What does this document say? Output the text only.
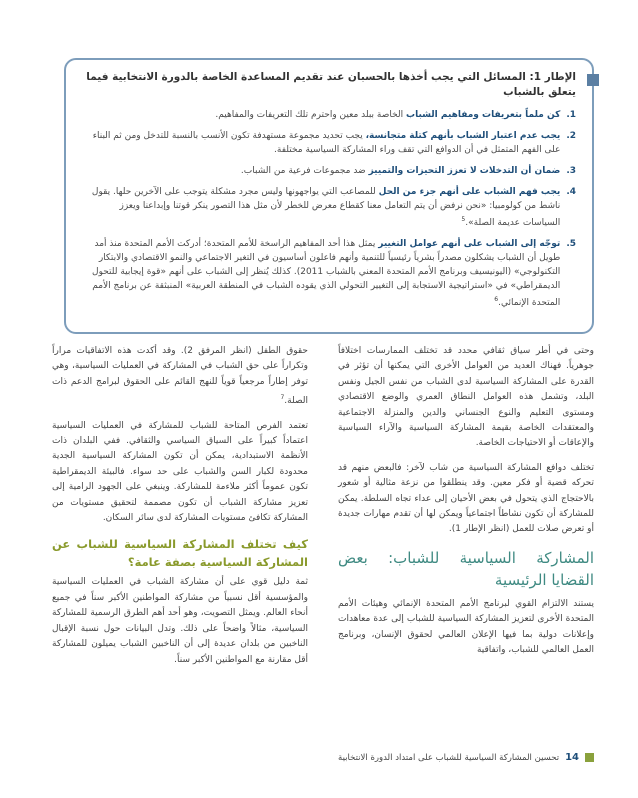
الإطار 1: المسائل التي يجب أخذها بالحسبان عند تقديم المساعدة الخاصة بالدورة الانتخابية فيما يتعلق بالشباب

1.
كن ملماً بتعريفات ومفاهيم الشباب الخاصة ببلد معين واحترم تلك التعريفات والمفاهيم.
2.
يجب عدم اعتبار الشباب بأنهم كتلة متجانسة، يجب تحديد مجموعة مستهدفة تكون الأنسب بالنسبة للتدخل ومن ثم البناء على الفهم المتمثل في أن الدوافع التي تقف وراء المشاركة السياسية مختلفة.
3.
ضمان أن التدخلات لا تعزز التحيزات والتمييز ضد مجموعات فرعية من الشباب.
4.
يجب فهم الشباب على أنهم جزء من الحل للمصاعب التي يواجهونها وليس مجرد مشكلة يتوجب على الآخرين حلها. يقول ناشط من كولومبيا: «نحن نرفض أن يتم التعامل معنا كقطاع معرض للخطر لأن مثل هذا التصور ينكر قوتنا وإبداعنا ويعزز السياسات عديمة الصلة».$^5$
5.
توجّه إلى الشباب على أنهم عوامل التغيير يمثل هذا أحد المفاهيم الراسخة للأمم المتحدة؛ أدركت الأمم المتحدة منذ أمد طويل أن الشباب يشكلون مصدراً بشرياً رئيسياً للتنمية وأنهم فاعلون أساسيون في التغير الاجتماعي والنمو الاقتصادي والابتكار التكنولوجي» (اليونيسيف وبرنامج الأمم المتحدة المعني بالشباب 2011). كذلك يُنظر إلى الشباب على أنهم «قوة إيجابية للتحول الديمقراطي» في «استراتيجية الاستجابة إلى التغيير التحولي الذي يقوده الشباب في المنطقة العربية» المنبثقة عن برنامج الأمم المتحدة الإنمائي.$^6$

وحتى في أطر سياق ثقافي محدد قد تختلف الممارسات اختلافاً جوهرياً. فهناك العديد من العوامل الأخرى التي يمكنها أن تؤثر في القدرة على المشاركة السياسية لدى الشباب من نفس الجيل ونفس البلد، وتشمل هذه العوامل النطاق العمري والوضع الاقتصادي ومستوى التعليم والنوع الجنساني والدين والمنزلة الاجتماعية والمعتقدات الخاصة بقيمة المشاركة السياسية والآراء السياسية والإعاقات أو الاحتياجات الخاصة.

تختلف دوافع المشاركة السياسية من شاب لآخر: فالبعض منهم قد تحركه قضية أو فكر معين. وقد ينطلقوا من نزعة مثالية أو شعور بالاحتجاج الذي يتحول في بعض الأحيان إلى عداء تجاه السلطة. يمكن للمشاركة أن تكون نشاطاً اجتماعياً ويمكن لها أن تقدم مهارات جديدة أو تعرض صلات للعمل (انظر الإطار 1).

المشاركة السياسية للشباب: بعض القضايا الرئيسية

يستند الالتزام القوي لبرنامج الأمم المتحدة الإنمائي وهيئات الأمم المتحدة الأخرى لتعزيز المشاركة السياسية للشباب إلى عدة معاهدات وإعلانات دولية بما فيها الإعلان العالمي لحقوق الإنسان، وبرنامج العمل العالمي للشباب، واتفاقية

حقوق الطفل (انظر المرفق 2). وقد أكدت هذه الاتفاقيات مراراً وتكراراً على حق الشباب في المشاركة في العمليات السياسية، وهي توفر إطاراً مرجعياً قوياً للنهج القائم على الحقوق لبرامج الدعم ذات الصلة.$^7$

تعتمد الفرص المتاحة للشباب للمشاركة في العمليات السياسية اعتماداً كبيراً على السياق السياسي والثقافي. ففي البلدان ذات الأنظمة الاستبدادية، يمكن أن تكون المشاركة السياسية الجدية محدودة لكبار السن والشباب على حد سواء. فالبيئة الديمقراطية تكون عموماً أكثر ملاءمة للمشاركة. وينبغي على الجهود الرامية إلى تعزيز مشاركة الشباب أن تكون مصممة لتحقيق مستويات من المشاركة تكافئ مستويات المشاركة لدى سائر السكان.

كيف تختلف المشاركة السياسية للشباب عن المشاركة السياسية بصفة عامة؟

ثمة دليل قوي على أن مشاركة الشباب في العمليات السياسية والمؤسسية أقل نسبياً من مشاركة المواطنين الأكبر سناً في جميع أنحاء العالم. ويمثل التصويت، وهو أحد أهم الطرق الرسمية للمشاركة السياسية، مثالاً واضحاً على ذلك. وتدل البيانات حول نسبة الإقبال الناخبين من بلدان عديدة إلى أن الناخبين الشباب يميلون للمشاركة أقل مقارنة مع المواطنين الأكبر سناً.

14
تحسين المشاركة السياسية للشباب على امتداد الدورة الانتخابية
